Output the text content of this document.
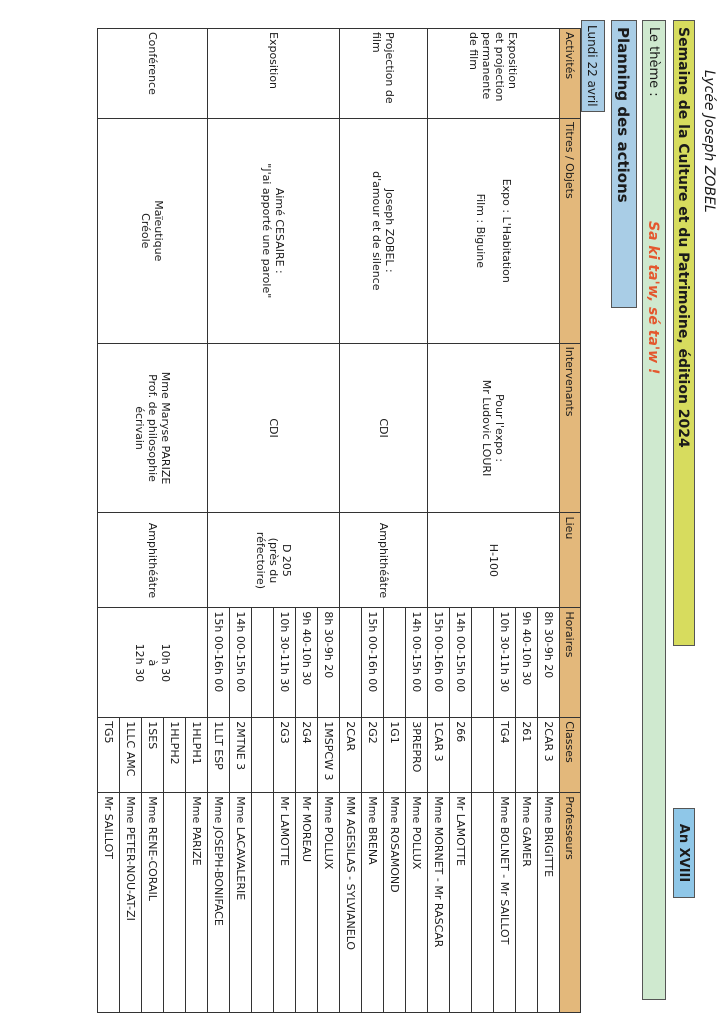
Lycée Joseph ZOBEL
Semaine de la Culture et du Patrimoine, édition 2024
An XVIII
Le thème :
Sa ki ta'w, sé ta'w !
Planning des actions
Lundi 22 avril
Activités	Titres / Objets	Intervenants	Lieu	Horaires	Classes	Professeurs
Exposition
et projection
permanente
de film	Expo : L'Habitation

Film : Biguine	Pour l'expo :
Mr Ludovic LOURI	H-100	8h 30-9h 20	2CAR 3	Mme BRIGITTE
				9h 40-10h 30	261	Mme GAMER
				10h 30-11h 30	TG4	Mme BOLNET - Mr SAILLOT

				14h 00-15h 00	266	Mr LAMOTTE
				15h 00-16h 00	1CAR 3	Mme MORNET - Mr RASCAR
Projection de film	Joseph ZOBEL :
d'amour et de silence	CDI	Amphithéâtre	14h 00-15h 00	3PREPRO	Mme POLLUX
					1G1	Mme ROSAMOND
				15h 00-16h 00	2G2	Mme BRENA
					2CAR	MM AGESILAS - SYLVIANELO
Exposition	Aimé CESAIRE :
"J'ai apporté une parole"	CDI	D 205
(près du
réfectoire)	8h 30-9h 20	1MSPCW 3	Mme POLLUX
				9h 40-10h 30	2G4	Mr MOREAU
				10h 30-11h 30	2G3	Mr LAMOTTE

				14h 00-15h 00	2MTNE 3	Mme LACAVALERIE
				15h 00-16h 00	1LLT ESP	Mme JOSEPH-BONIFACE
Conférence	Maïeutique
Créole	Mme Maryse PARIZE
Prof. de philosophie
écrivain	Amphithéâtre	10h 30
à
12h 30	1HLPH1	Mme PARIZE
					1HLPH2	
					1SES	Mme RENE-CORAIL
					1LLC AMC	Mme PETER-NOU-AT-ZI
					TG5	Mr SAILLOT
